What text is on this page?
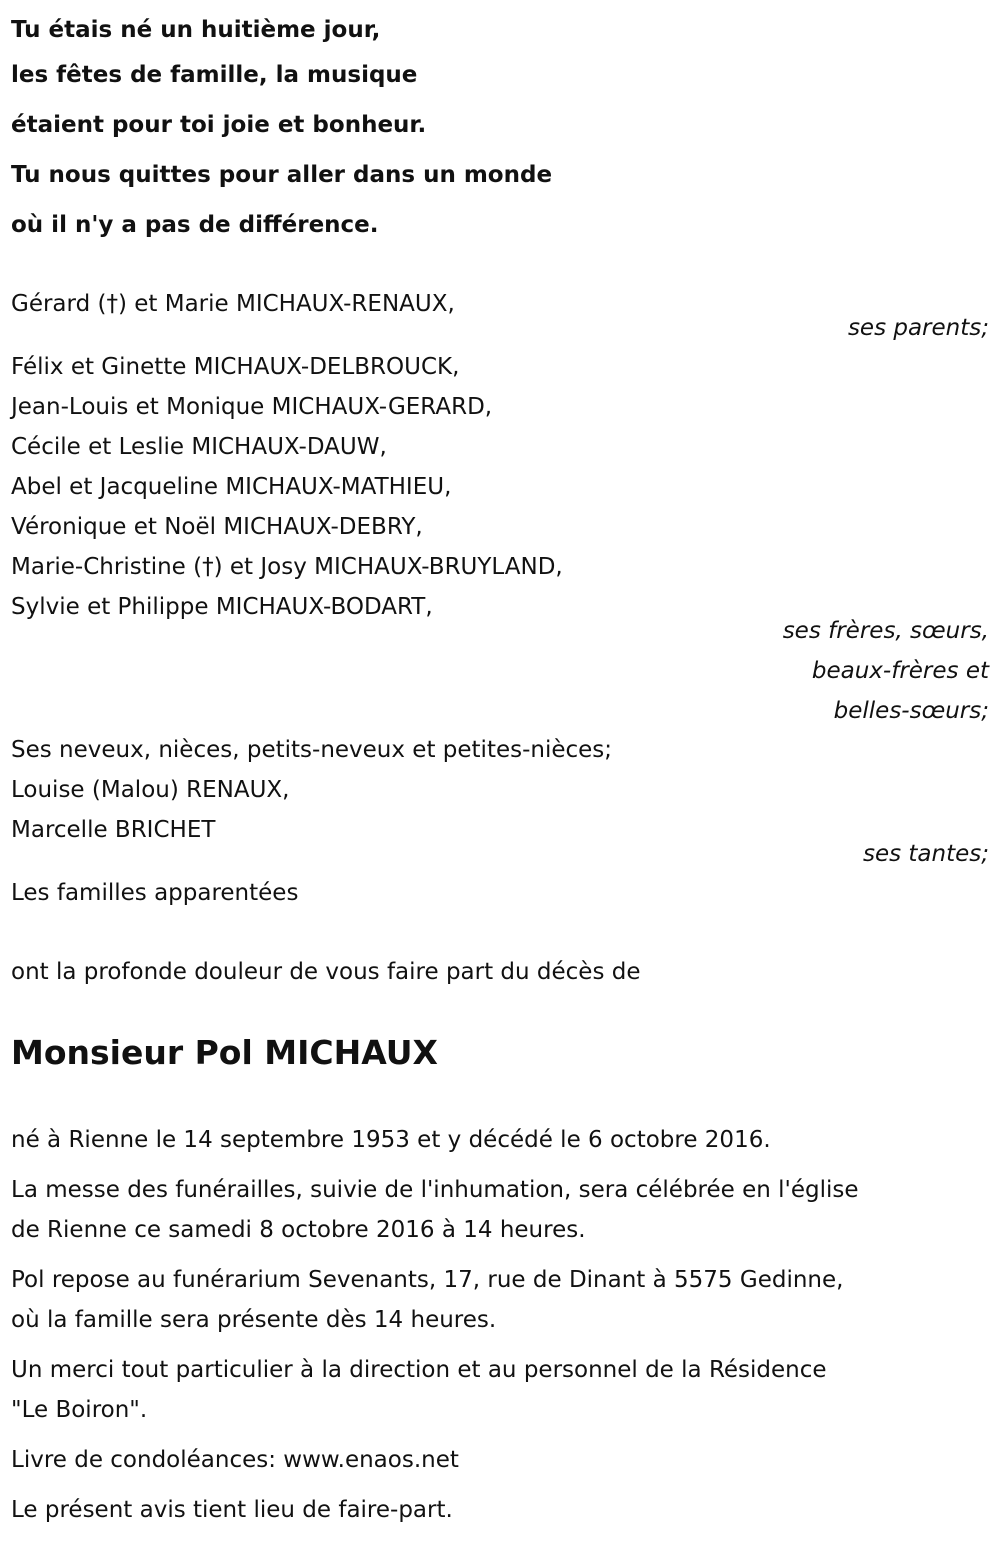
Tu étais né un huitième jour,
les fêtes de famille, la musique
étaient pour toi joie et bonheur.
Tu nous quittes pour aller dans un monde
où il n'y a pas de différence.
Gérard (†) et Marie MICHAUX-RENAUX,
ses parents;
Félix et Ginette MICHAUX-DELBROUCK,
Jean-Louis et Monique MICHAUX-GERARD,
Cécile et Leslie MICHAUX-DAUW,
Abel et Jacqueline MICHAUX-MATHIEU,
Véronique et Noël MICHAUX-DEBRY,
Marie-Christine (†) et Josy MICHAUX-BRUYLAND,
Sylvie et Philippe MICHAUX-BODART,
ses frères, sœurs,
beaux-frères et
belles-sœurs;
Ses neveux, nièces, petits-neveux et petites-nièces;
Louise (Malou) RENAUX,
Marcelle BRICHET
ses tantes;
Les familles apparentées
ont la profonde douleur de vous faire part du décès de
Monsieur Pol MICHAUX
né à Rienne le 14 septembre 1953 et y décédé le 6 octobre 2016.
La messe des funérailles, suivie de l'inhumation, sera célébrée en l'église
de Rienne ce samedi 8 octobre 2016 à 14 heures.
Pol repose au funérarium Sevenants, 17, rue de Dinant à 5575 Gedinne,
où la famille sera présente dès 14 heures.
Un merci tout particulier à la direction et au personnel de la Résidence
"Le Boiron".
Livre de condoléances: www.enaos.net
Le présent avis tient lieu de faire-part.
